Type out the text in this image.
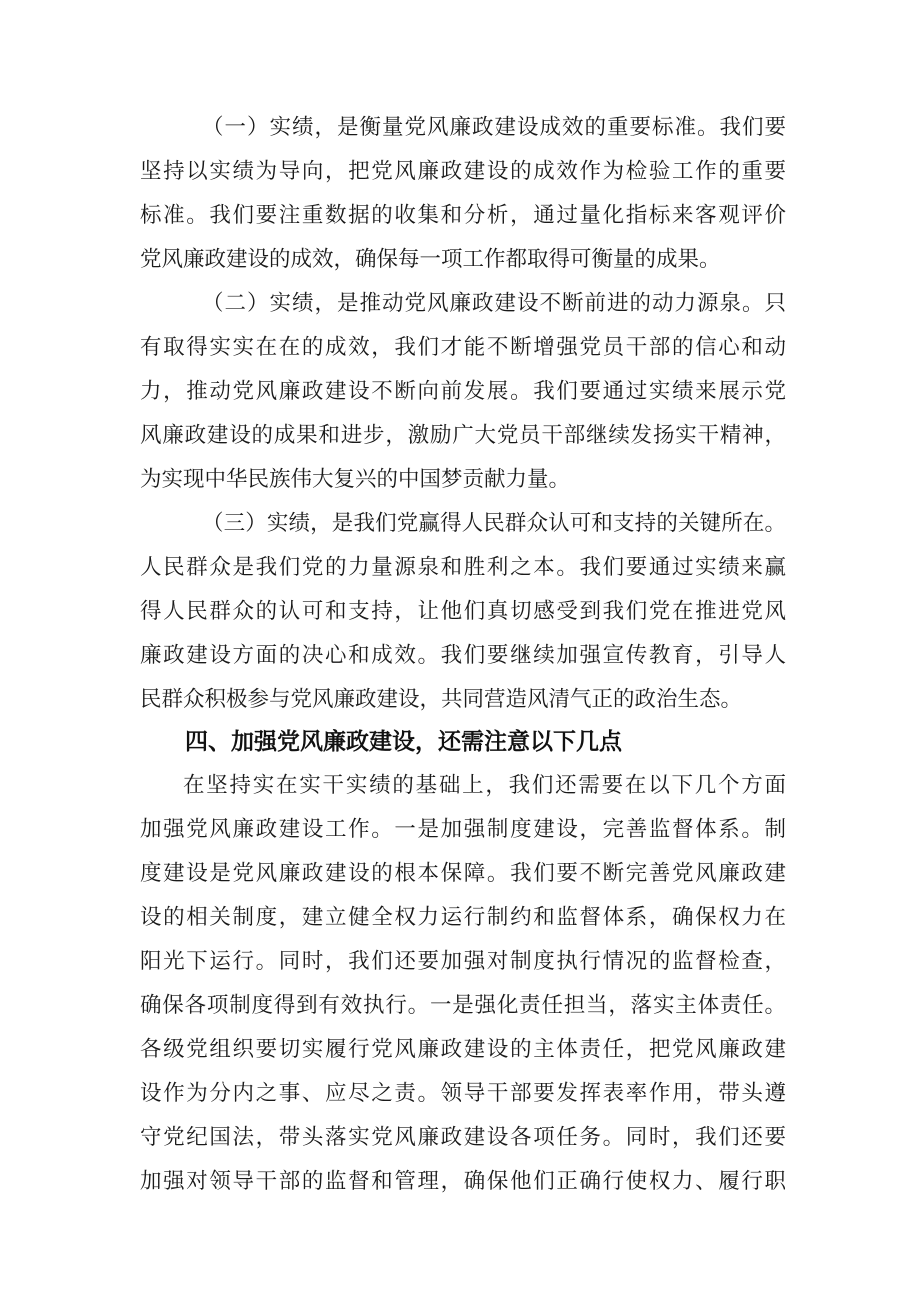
（一）实绩，是衡量党风廉政建设成效的重要标准。我们要
坚持以实绩为导向，把党风廉政建设的成效作为检验工作的重要
标准。我们要注重数据的收集和分析，通过量化指标来客观评价
党风廉政建设的成效，确保每一项工作都取得可衡量的成果。
（二）实绩，是推动党风廉政建设不断前进的动力源泉。只
有取得实实在在的成效，我们才能不断增强党员干部的信心和动
力，推动党风廉政建设不断向前发展。我们要通过实绩来展示党
风廉政建设的成果和进步，激励广大党员干部继续发扬实干精神，
为实现中华民族伟大复兴的中国梦贡献力量。
（三）实绩，是我们党赢得人民群众认可和支持的关键所在。
人民群众是我们党的力量源泉和胜利之本。我们要通过实绩来赢
得人民群众的认可和支持，让他们真切感受到我们党在推进党风
廉政建设方面的决心和成效。我们要继续加强宣传教育，引导人
民群众积极参与党风廉政建设，共同营造风清气正的政治生态。
四、加强党风廉政建设，还需注意以下几点
在坚持实在实干实绩的基础上，我们还需要在以下几个方面
加强党风廉政建设工作。一是加强制度建设，完善监督体系。制
度建设是党风廉政建设的根本保障。我们要不断完善党风廉政建
设的相关制度，建立健全权力运行制约和监督体系，确保权力在
阳光下运行。同时，我们还要加强对制度执行情况的监督检查，
确保各项制度得到有效执行。一是强化责任担当，落实主体责任。
各级党组织要切实履行党风廉政建设的主体责任，把党风廉政建
设作为分内之事、应尽之责。领导干部要发挥表率作用，带头遵
守党纪国法，带头落实党风廉政建设各项任务。同时，我们还要
加强对领导干部的监督和管理，确保他们正确行使权力、履行职
